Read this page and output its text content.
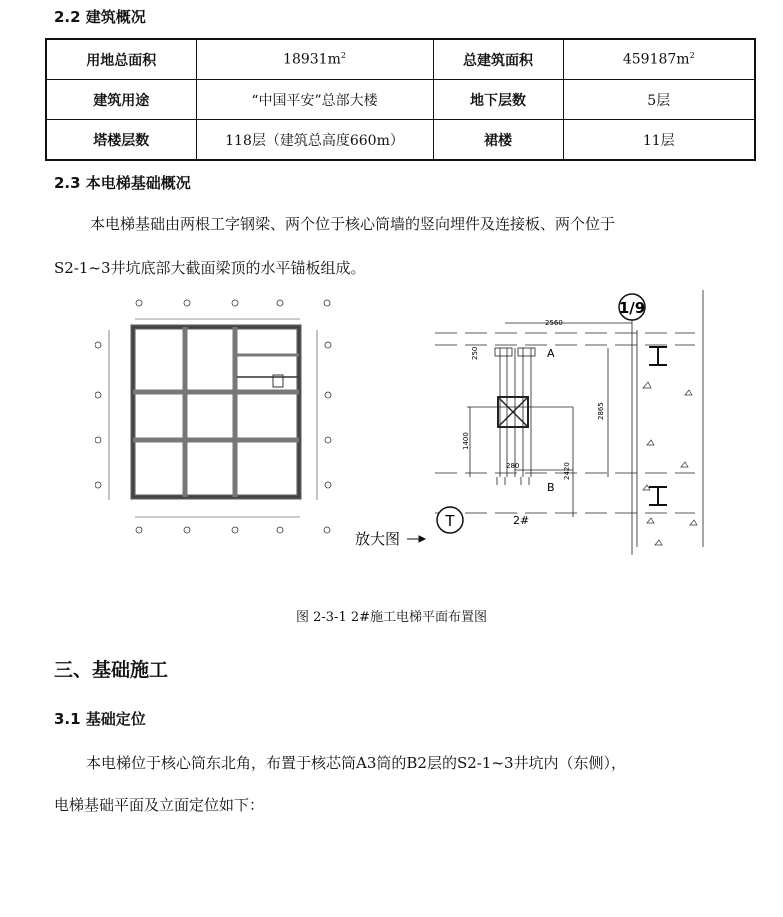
2.2 建筑概况
用地总面积	$18931m^2$	总建筑面积	$459187m^2$
建筑用途	“中国平安”总部大楼	地下层数	5层
塔楼层数	118层（建筑总高度660m）	裙楼	11层
2.3 本电梯基础概况
本电梯基础由两根工字钢梁、两个位于核心筒墙的竖向埋件及连接板、两个位于
S2-1~3井坑底部大截面梁顶的水平锚板组成。
1/9
T
2560
2865
1400
2420
280
250	A
B
2#
放大图
图 2-3-1 2#施工电梯平面布置图
三、基础施工
3.1 基础定位
本电梯位于核心筒东北角，布置于核芯筒A3筒的B2层的S2-1~3井坑内（东侧），
电梯基础平面及立面定位如下：
